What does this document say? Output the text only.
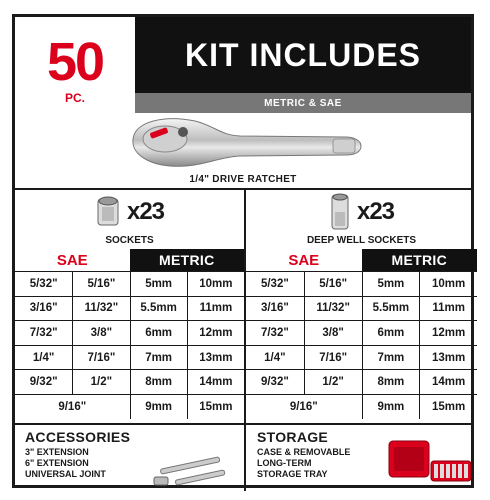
50
PC.
KIT INCLUDES
METRIC & SAE
1/4" DRIVE RATCHET
x23
SOCKETS
x23
DEEP WELL SOCKETS
SAE	METRIC
5/32"	5/16"	5mm	10mm
3/16"	11/32"	5.5mm	11mm
7/32"	3/8"	6mm	12mm
1/4"	7/16"	7mm	13mm
9/32"	1/2"	8mm	14mm
9/16"	9mm	15mm
SAE	METRIC
5/32"	5/16"	5mm	10mm
3/16"	11/32"	5.5mm	11mm
7/32"	3/8"	6mm	12mm
1/4"	7/16"	7mm	13mm
9/32"	1/2"	8mm	14mm
9/16"	9mm	15mm
ACCESSORIES
3" EXTENSION
6" EXTENSION
UNIVERSAL JOINT
STORAGE
CASE & REMOVABLE
LONG-TERM
STORAGE TRAY
